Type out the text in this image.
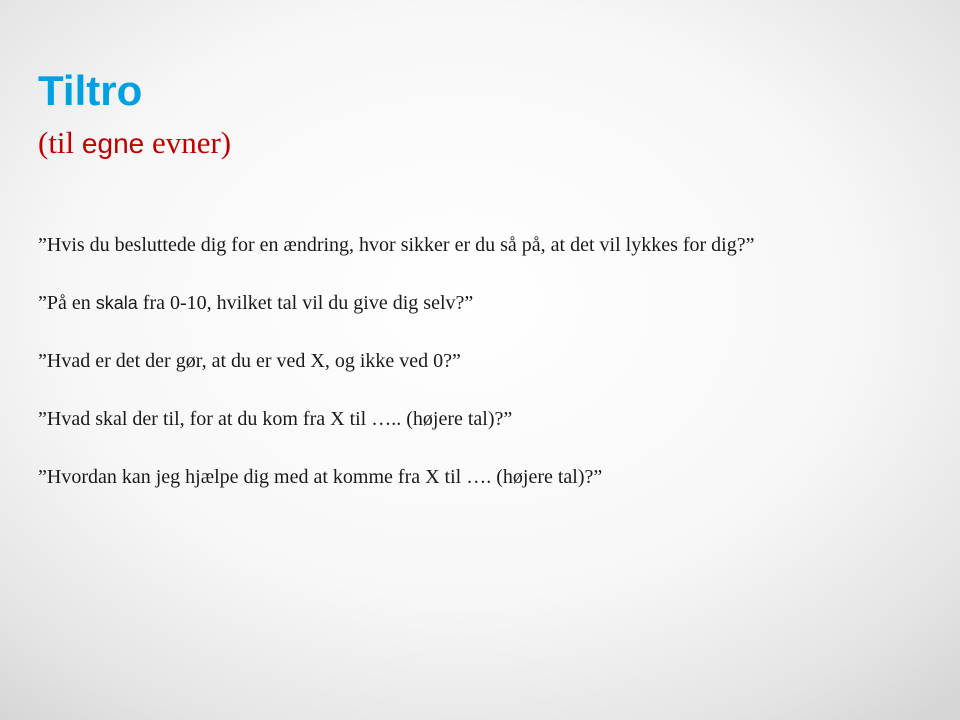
Tiltro
(til egne evner)

”Hvis du besluttede dig for en ændring, hvor sikker er du så på, at det vil lykkes for dig?”

”På en skala fra 0-10, hvilket tal vil du give dig selv?”

”Hvad er det der gør, at du er ved X, og ikke ved 0?”

”Hvad skal der til, for at du kom fra X til ….. (højere tal)?”

”Hvordan kan jeg hjælpe dig med at komme fra X til …. (højere tal)?”
